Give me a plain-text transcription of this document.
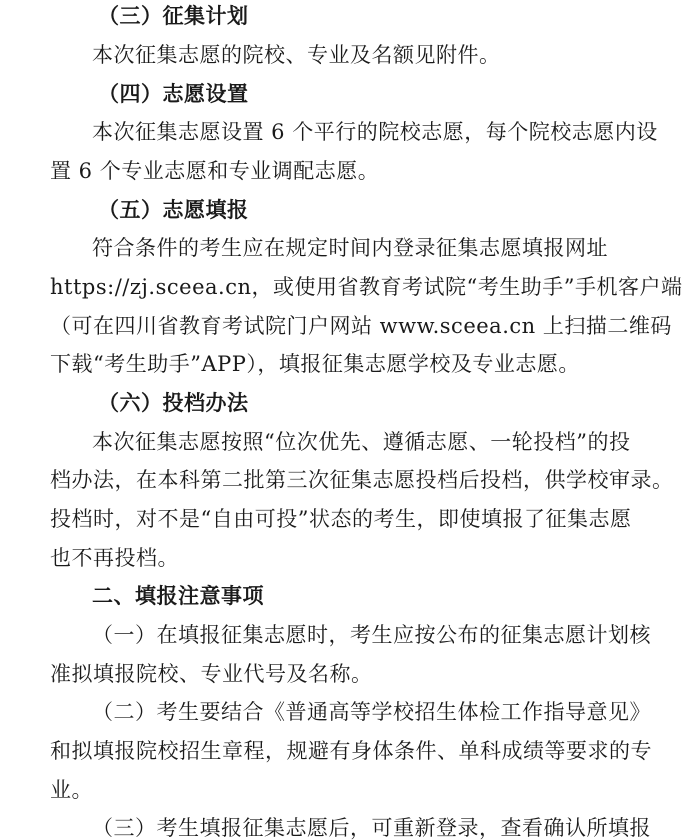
（三）征集计划
本次征集志愿的院校、专业及名额见附件。
（四）志愿设置
本次征集志愿设置 6 个平行的院校志愿，每个院校志愿内设
置 6 个专业志愿和专业调配志愿。
（五）志愿填报
符合条件的考生应在规定时间内登录征集志愿填报网址
https://zj.sceea.cn，或使用省教育考试院“考生助手”手机客户端
（可在四川省教育考试院门户网站 www.sceea.cn 上扫描二维码
下载“考生助手”APP），填报征集志愿学校及专业志愿。
（六）投档办法
本次征集志愿按照“位次优先、遵循志愿、一轮投档”的投
档办法，在本科第二批第三次征集志愿投档后投档，供学校审录。
投档时，对不是“自由可投”状态的考生，即使填报了征集志愿
也不再投档。
二、填报注意事项
（一）在填报征集志愿时，考生应按公布的征集志愿计划核
准拟填报院校、专业代号及名称。
（二）考生要结合《普通高等学校招生体检工作指导意见》
和拟填报院校招生章程，规避有身体条件、单科成绩等要求的专
业。
（三）考生填报征集志愿后，可重新登录，查看确认所填报
